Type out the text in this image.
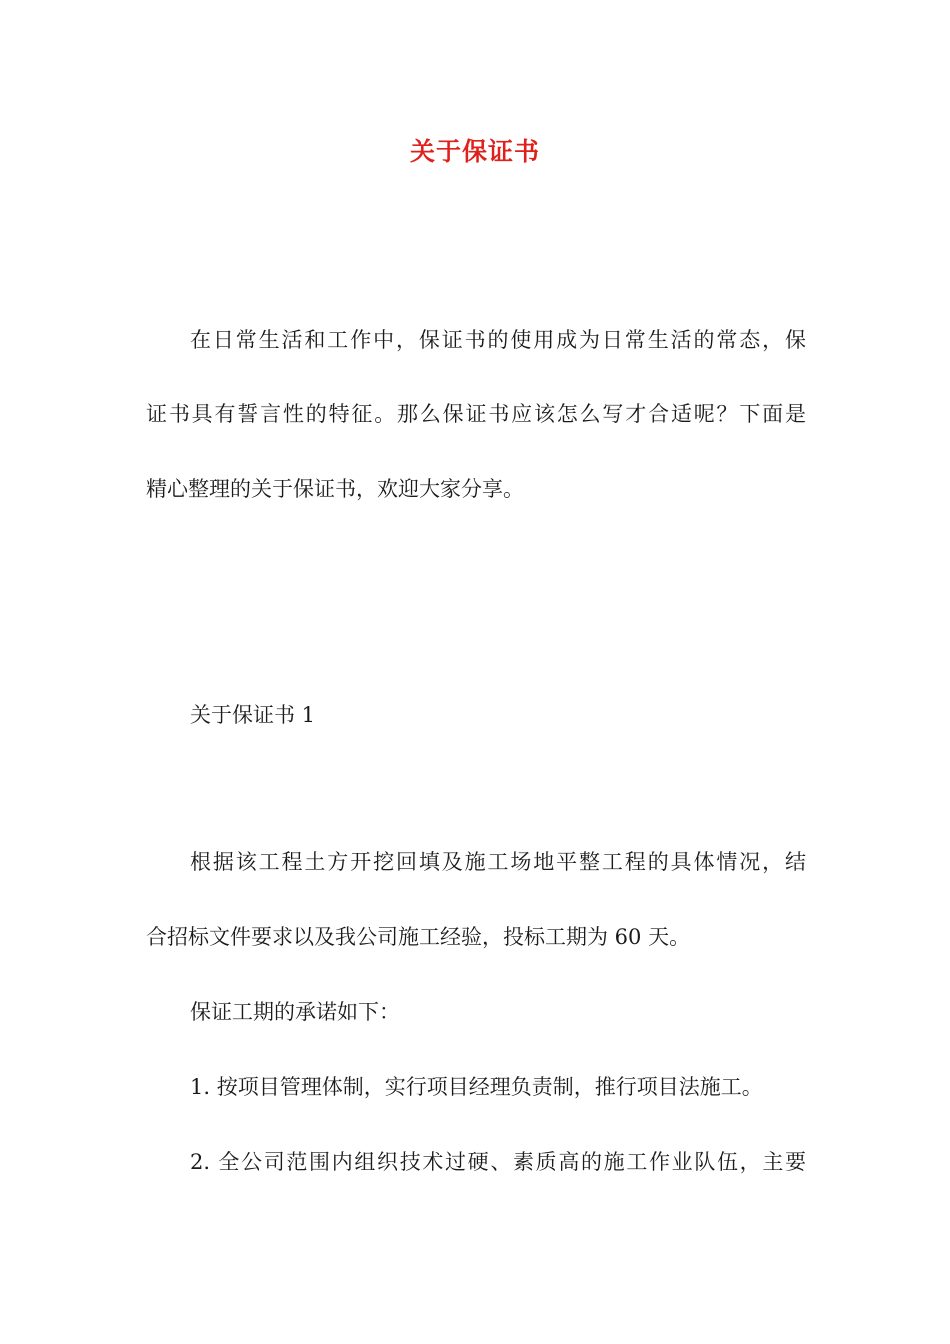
关于保证书

在日常生活和工作中，保证书的使用成为日常生活的常态，保

证书具有誓言性的特征。那么保证书应该怎么写才合适呢？下面是

精心整理的关于保证书，欢迎大家分享。

关于保证书 1

根据该工程土方开挖回填及施工场地平整工程的具体情况，结

合招标文件要求以及我公司施工经验，投标工期为 60 天。

保证工期的承诺如下：

1. 按项目管理体制，实行项目经理负责制，推行项目法施工。

2. 全公司范围内组织技术过硬、素质高的施工作业队伍，主要
